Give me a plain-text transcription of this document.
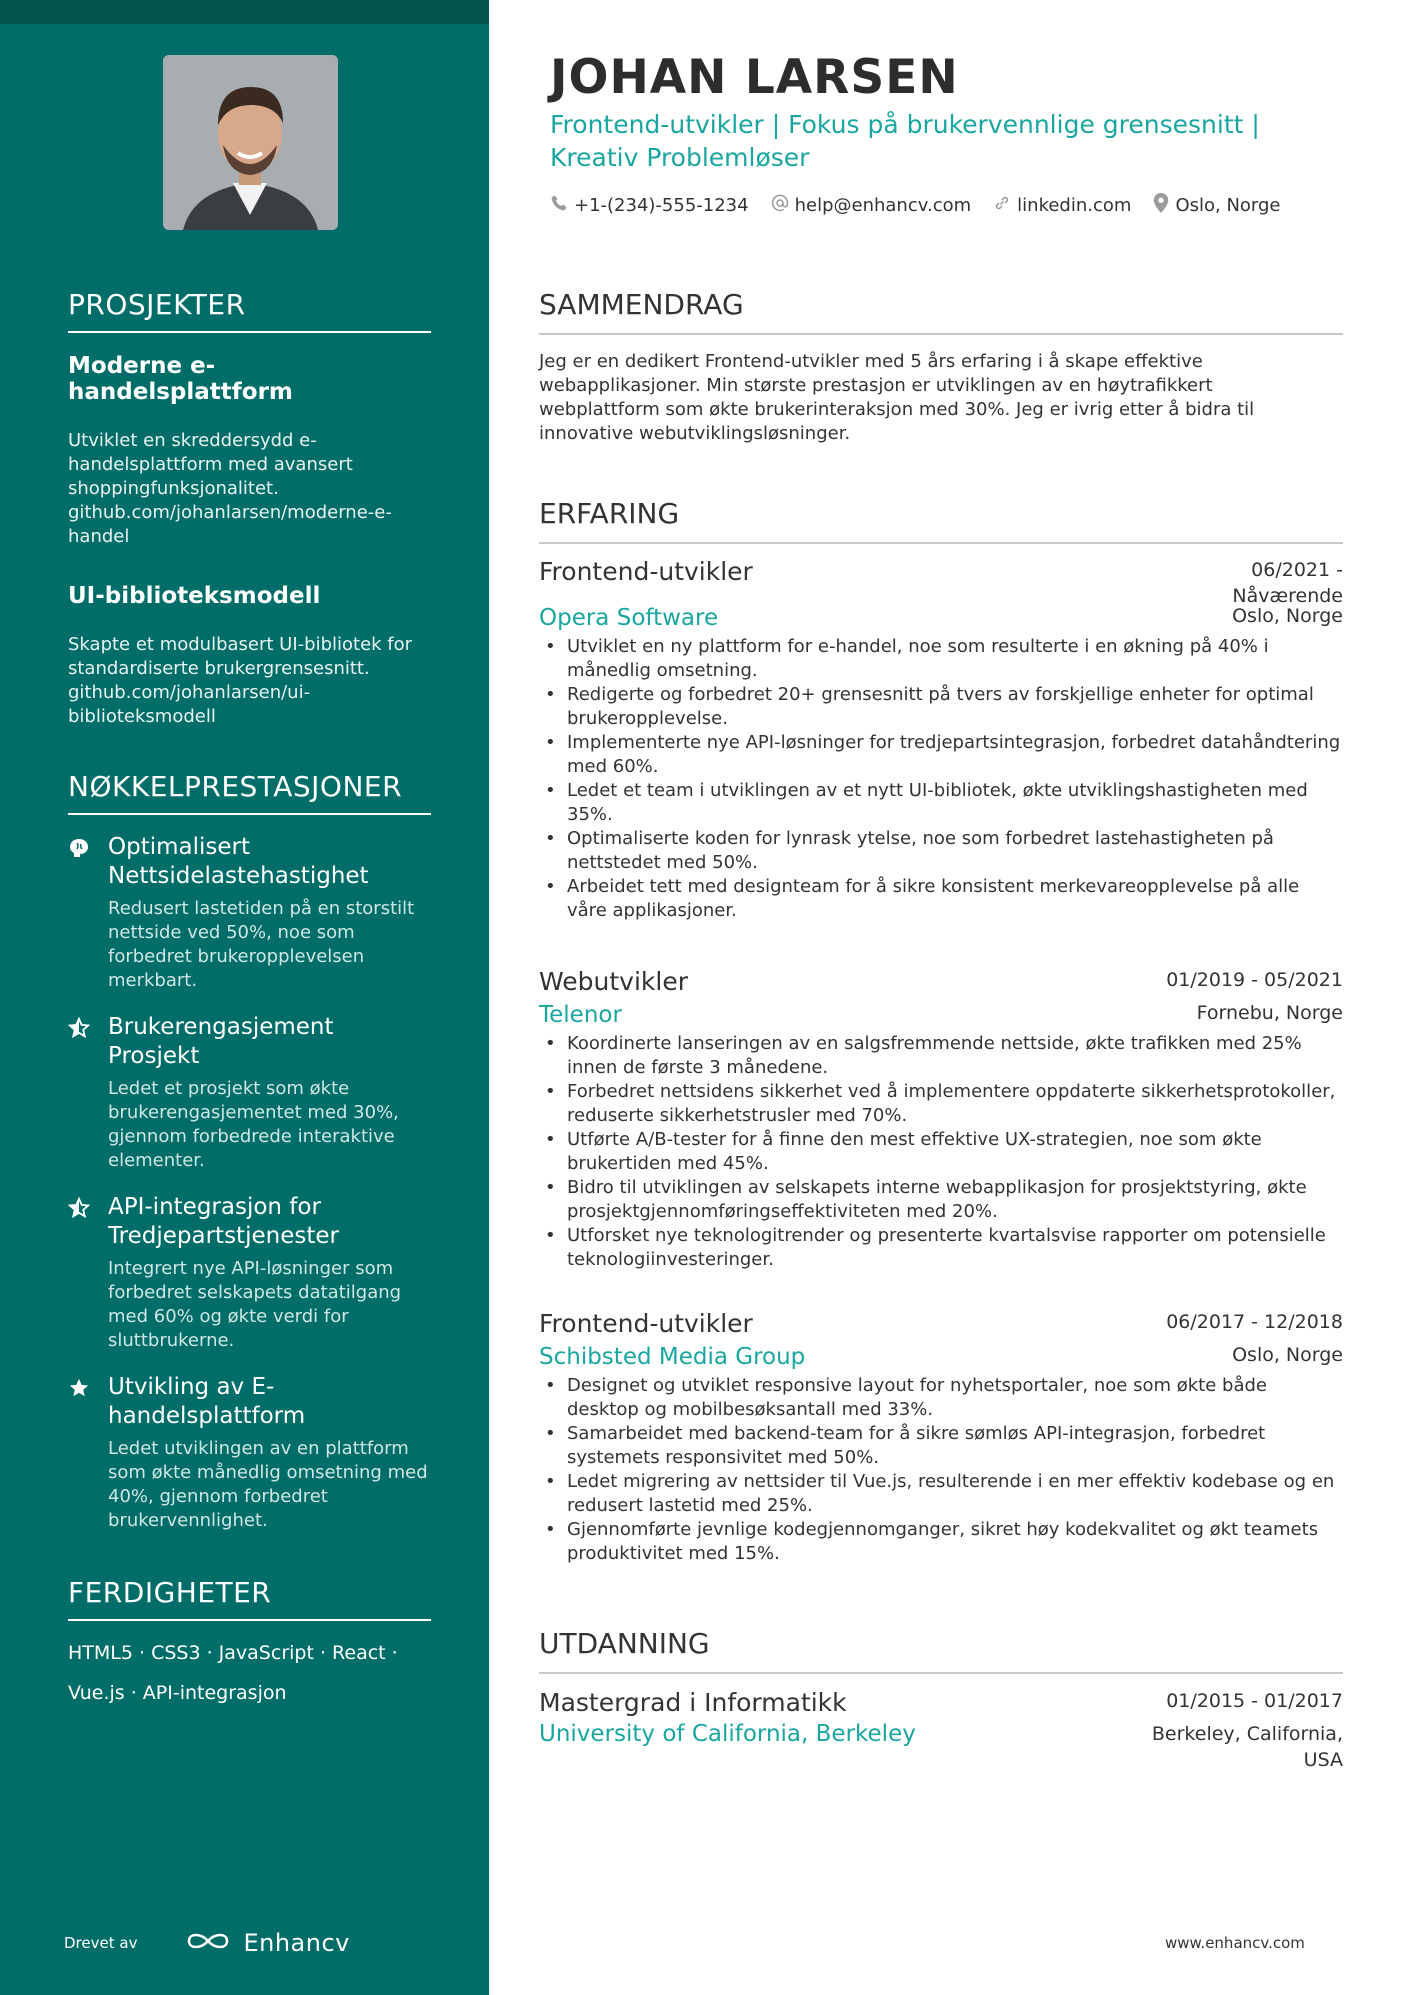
PROSJEKTER
Moderne e-handelsplattform
Utviklet en skreddersydd e-handelsplattform med avansert shoppingfunksjonalitet. github.com/johanlarsen/moderne-e-handel
UI-biblioteksmodell
Skapte et modulbasert UI-bibliotek for standardiserte brukergrensesnitt. github.com/johanlarsen/ui-biblioteksmodell
NØKKELPRESTASJONER
Optimalisert Nettsidelastehastighet
Redusert lastetiden på en storstilt nettside ved 50%, noe som forbedret brukeropplevelsen merkbart.
Brukerengasjement Prosjekt
Ledet et prosjekt som økte brukerengasjementet med 30%, gjennom forbedrede interaktive elementer.
API-integrasjon for Tredjepartstjenester
Integrert nye API-løsninger som forbedret selskapets datatilgang med 60% og økte verdi for sluttbrukerne.
Utvikling av E-handelsplattform
Ledet utviklingen av en plattform som økte månedlig omsetning med 40%, gjennom forbedret brukervennlighet.
FERDIGHETER
HTML5 · CSS3 · JavaScript · React ·
Vue.js · API-integrasjon
Drevet av	Enhancv
JOHAN LARSEN
Frontend-utvikler | Fokus på brukervennlige grensesnitt | Kreativ Problemløser
+1-(234)-555-1234	help@enhancv.com	linkedin.com Oslo, Norge
SAMMENDRAG
Jeg er en dedikert Frontend-utvikler med 5 års erfaring i å skape effektive webapplikasjoner. Min største prestasjon er utviklingen av en høytrafikkert webplattform som økte brukerinteraksjon med 30%. Jeg er ivrig etter å bidra til innovative webutviklingsløsninger.
ERFARING
Frontend-utvikler	06/2021 -
Nåværende
Opera Software	Oslo, Norge
• Utviklet en ny plattform for e-handel, noe som resulterte i en økning på 40% i månedlig omsetning.
• Redigerte og forbedret 20+ grensesnitt på tvers av forskjellige enheter for optimal brukeropplevelse.
• Implementerte nye API-løsninger for tredjepartsintegrasjon, forbedret datahåndtering med 60%.
• Ledet et team i utviklingen av et nytt UI-bibliotek, økte utviklingshastigheten med 35%.
• Optimaliserte koden for lynrask ytelse, noe som forbedret lastehastigheten på nettstedet med 50%.
• Arbeidet tett med designteam for å sikre konsistent merkevareopplevelse på alle våre applikasjoner.
Webutvikler	01/2019 - 05/2021
Telenor	Fornebu, Norge
• Koordinerte lanseringen av en salgsfremmende nettside, økte trafikken med 25% innen de første 3 månedene.
• Forbedret nettsidens sikkerhet ved å implementere oppdaterte sikkerhetsprotokoller, reduserte sikkerhetstrusler med 70%.
• Utførte A/B-tester for å finne den mest effektive UX-strategien, noe som økte brukertiden med 45%.
• Bidro til utviklingen av selskapets interne webapplikasjon for prosjektstyring, økte prosjektgjennomføringseffektiviteten med 20%.
• Utforsket nye teknologitrender og presenterte kvartalsvise rapporter om potensielle teknologiinvesteringer.
Frontend-utvikler	06/2017 - 12/2018
Schibsted Media Group	Oslo, Norge
• Designet og utviklet responsive layout for nyhetsportaler, noe som økte både desktop og mobilbesøksantall med 33%.
• Samarbeidet med backend-team for å sikre sømløs API-integrasjon, forbedret systemets responsivitet med 50%.
• Ledet migrering av nettsider til Vue.js, resulterende i en mer effektiv kodebase og en redusert lastetid med 25%.
• Gjennomførte jevnlige kodegjennomganger, sikret høy kodekvalitet og økt teamets produktivitet med 15%.
UTDANNING
Mastergrad i Informatikk	01/2015 - 01/2017
University of California, Berkeley	Berkeley, California,
USA
www.enhancv.com
